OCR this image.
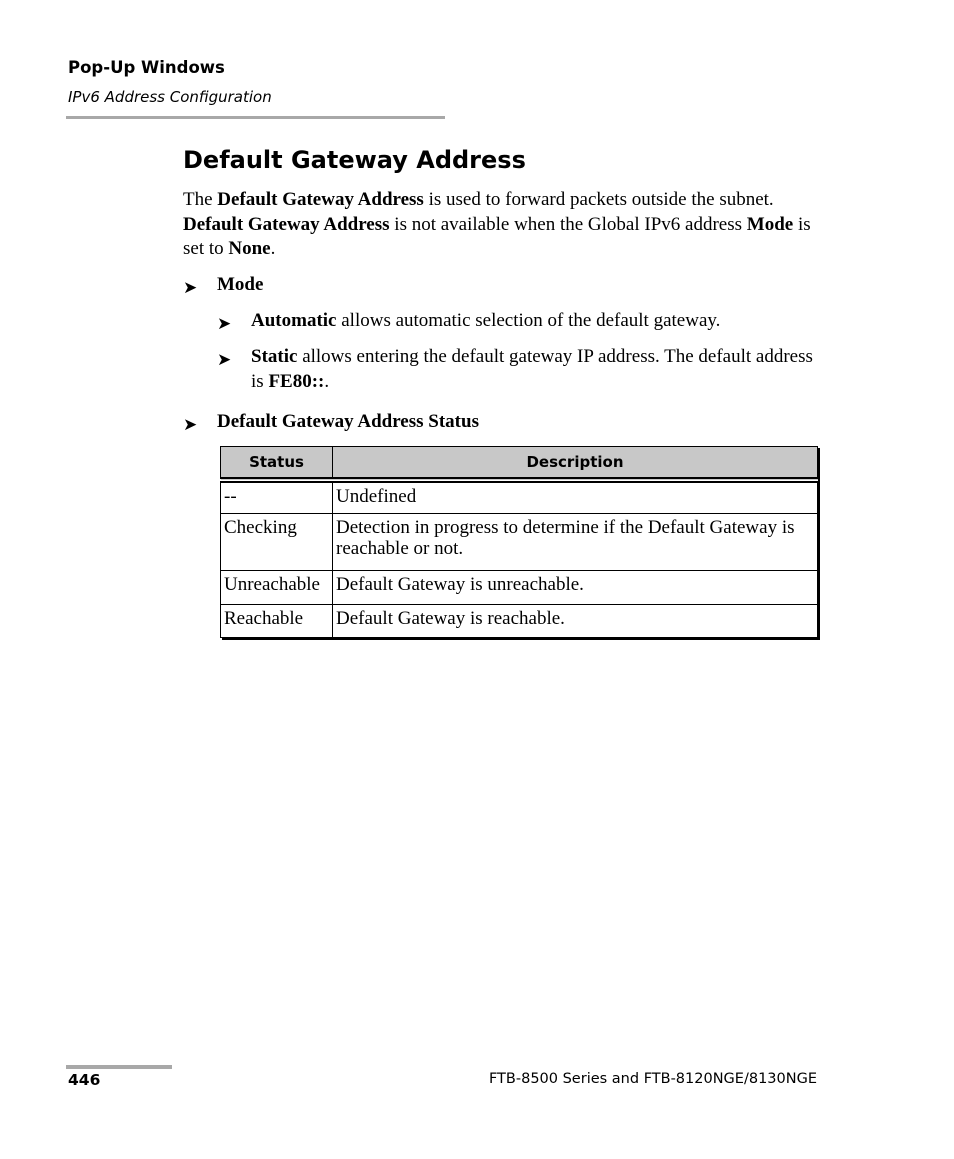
Pop-Up Windows
IPv6 Address Configuration
Default Gateway Address

The Default Gateway Address is used to forward packets outside the subnet. Default Gateway Address is not available when the Global IPv6 address Mode is set to None.

➤ Mode
➤ Automatic allows automatic selection of the default gateway.
➤ Static allows entering the default gateway IP address. The default address is FE80::.
➤ Default Gateway Address Status
Status	Description
--	Undefined
Checking	Detection in progress to determine if the Default Gateway is reachable or not.
Unreachable	Default Gateway is unreachable.
Reachable	Default Gateway is reachable.
446	FTB-8500 Series and FTB-8120NGE/8130NGE
